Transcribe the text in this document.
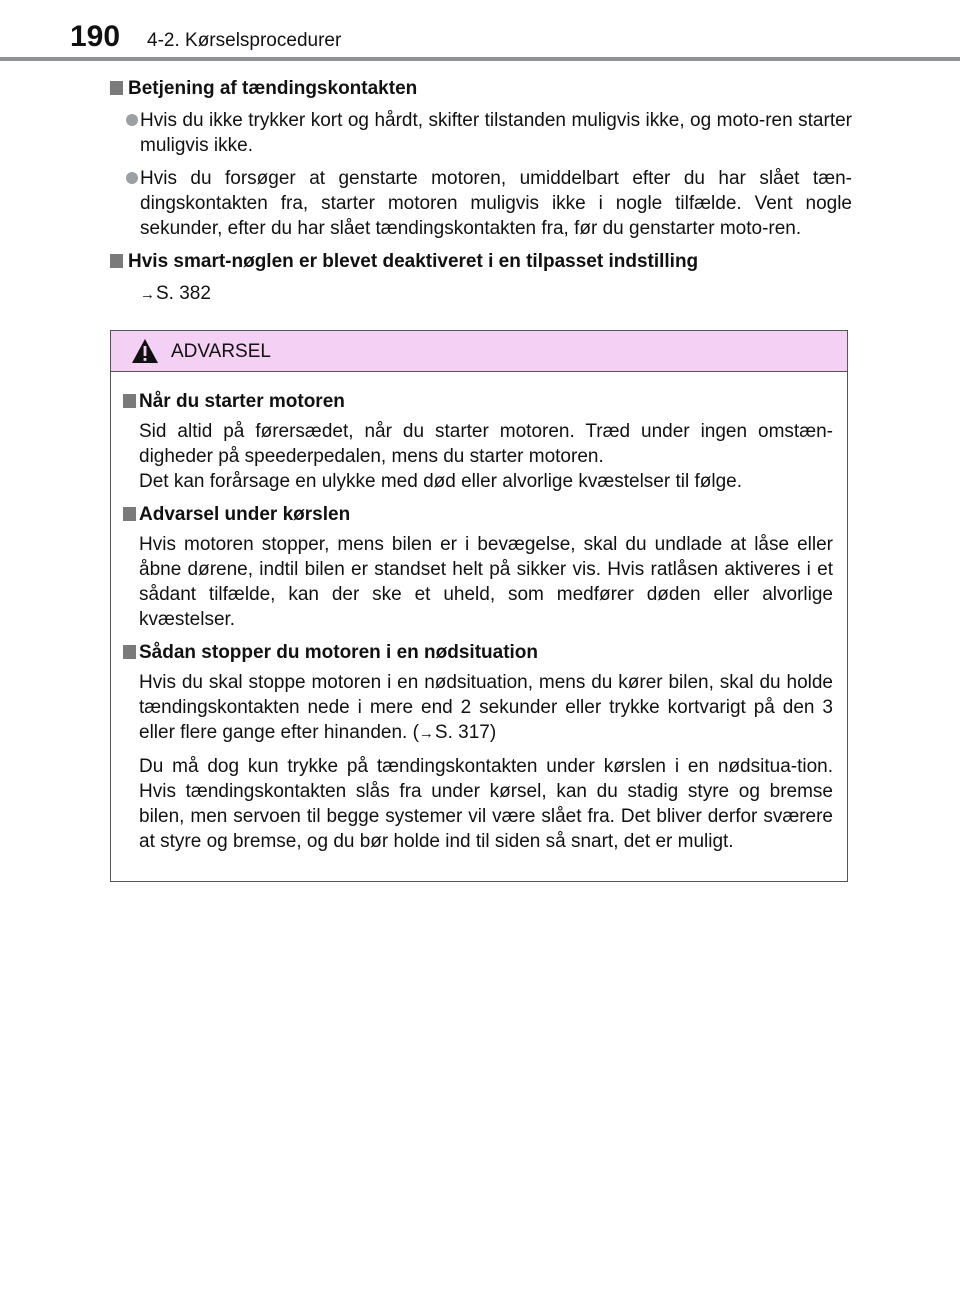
190 4-2. Kørselsprocedurer
Betjening af tændingskontakten
Hvis du ikke trykker kort og hårdt, skifter tilstanden muligvis ikke, og moto-ren starter muligvis ikke.
Hvis du forsøger at genstarte motoren, umiddelbart efter du har slået tæn-dingskontakten fra, starter motoren muligvis ikke i nogle tilfælde. Vent nogle sekunder, efter du har slået tændingskontakten fra, før du genstarter moto-ren.
Hvis smart-nøglen er blevet deaktiveret i en tilpasset indstilling
→S. 382
ADVARSEL
Når du starter motoren
Sid altid på førersædet, når du starter motoren. Træd under ingen omstæn-digheder på speederpedalen, mens du starter motoren.
Det kan forårsage en ulykke med død eller alvorlige kvæstelser til følge.
Advarsel under kørslen
Hvis motoren stopper, mens bilen er i bevægelse, skal du undlade at låse eller åbne dørene, indtil bilen er standset helt på sikker vis. Hvis ratlåsen aktiveres i et sådant tilfælde, kan der ske et uheld, som medfører døden eller alvorlige kvæstelser.
Sådan stopper du motoren i en nødsituation
Hvis du skal stoppe motoren i en nødsituation, mens du kører bilen, skal du holde tændingskontakten nede i mere end 2 sekunder eller trykke kortvarigt på den 3 eller flere gange efter hinanden. (→S. 317)
Du må dog kun trykke på tændingskontakten under kørslen i en nødsitua-tion. Hvis tændingskontakten slås fra under kørsel, kan du stadig styre og bremse bilen, men servoen til begge systemer vil være slået fra. Det bliver derfor sværere at styre og bremse, og du bør holde ind til siden så snart, det er muligt.
